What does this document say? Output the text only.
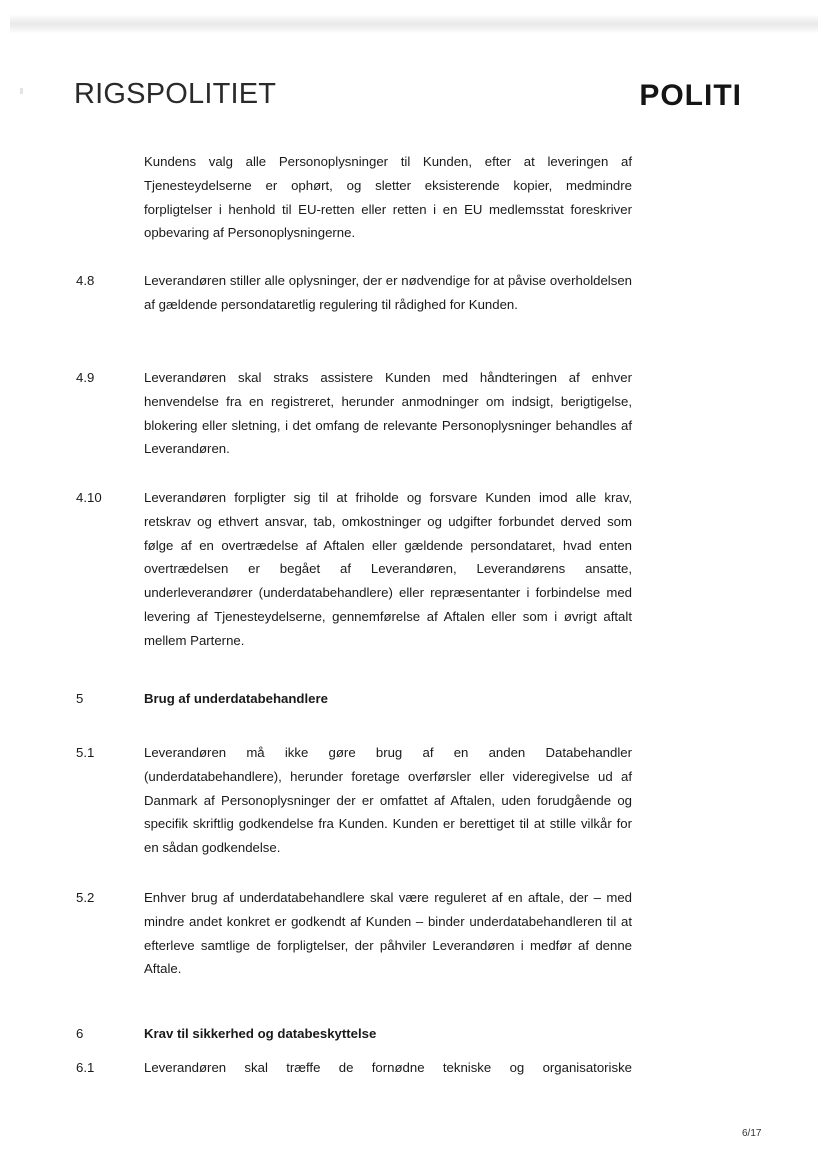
RIGSPOLITIET	POLITI
Kundens valg alle Personoplysninger til Kunden, efter at leveringen af Tjenesteydelserne er ophørt, og sletter eksisterende kopier, medmindre forpligtelser i henhold til EU-retten eller retten i en EU medlemsstat foreskriver opbevaring af Personoplysningerne.
4.8	Leverandøren stiller alle oplysninger, der er nødvendige for at påvise overholdelsen af gældende persondataretlig regulering til rådighed for Kunden.
4.9	Leverandøren skal straks assistere Kunden med håndteringen af enhver henvendelse fra en registreret, herunder anmodninger om indsigt, berigtigelse, blokering eller sletning, i det omfang de relevante Personoplysninger behandles af Leverandøren.
4.10	Leverandøren forpligter sig til at friholde og forsvare Kunden imod alle krav, retskrav og ethvert ansvar, tab, omkostninger og udgifter forbundet derved som følge af en overtrædelse af Aftalen eller gældende persondataret, hvad enten overtrædelsen er begået af Leverandøren, Leverandørens ansatte, underleverandører (underdatabehandlere) eller repræsentanter i forbindelse med levering af Tjenesteydelserne, gennemførelse af Aftalen eller som i øvrigt aftalt mellem Parterne.
5	Brug af underdatabehandlere
5.1	Leverandøren må ikke gøre brug af en anden Databehandler (underdatabehandlere), herunder foretage overførsler eller videregivelse ud af Danmark af Personoplysninger der er omfattet af Aftalen, uden forudgående og specifik skriftlig godkendelse fra Kunden. Kunden er berettiget til at stille vilkår for en sådan godkendelse.
5.2	Enhver brug af underdatabehandlere skal være reguleret af en aftale, der – med mindre andet konkret er godkendt af Kunden – binder underdatabehandleren til at efterleve samtlige de forpligtelser, der påhviler Leverandøren i medfør af denne Aftale.
6	Krav til sikkerhed og databeskyttelse
6.1	Leverandøren skal træffe de fornødne tekniske og organisatoriske
6/17
